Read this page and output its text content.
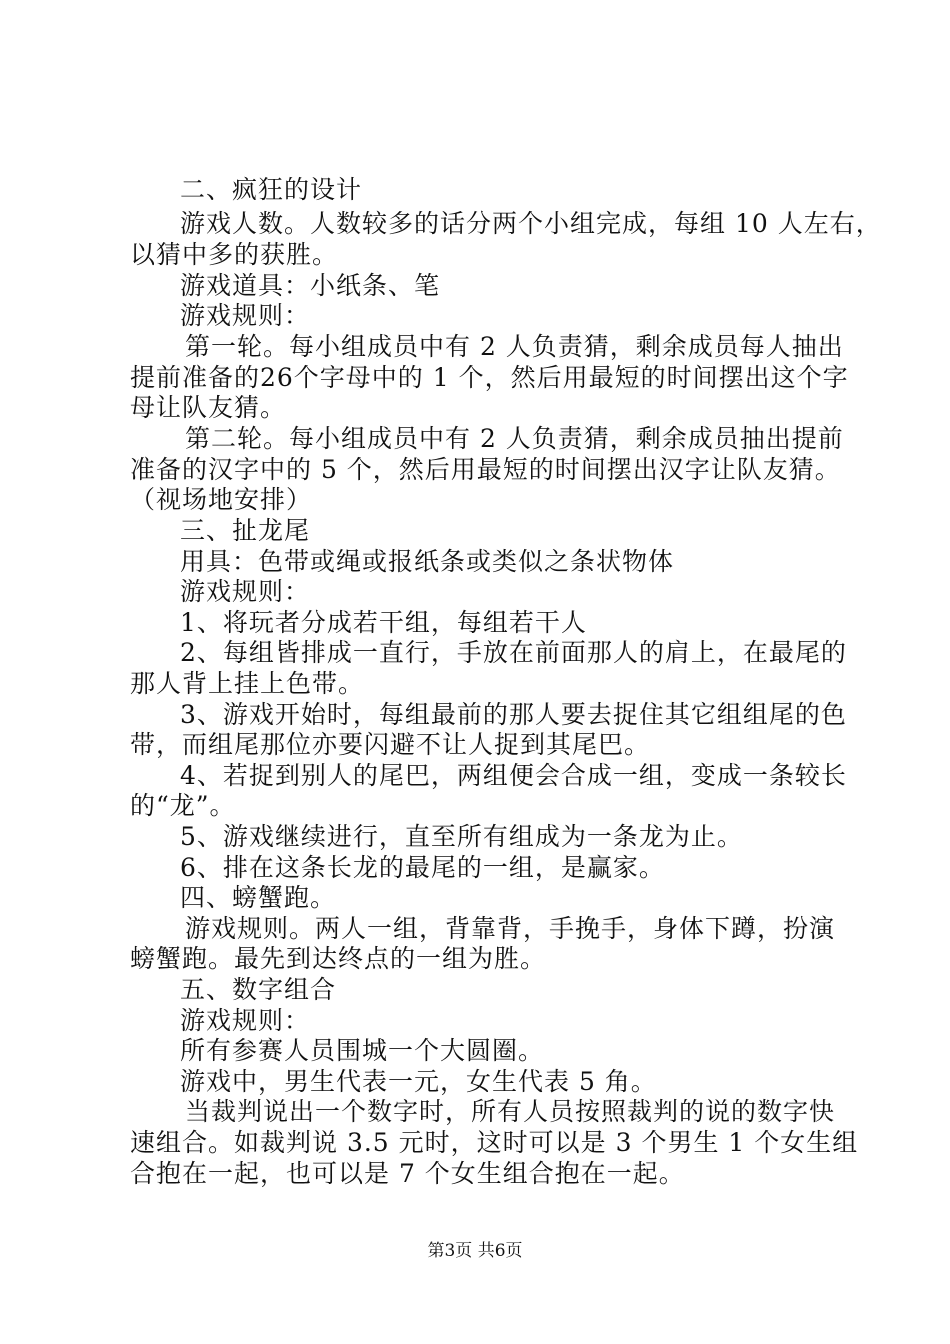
二、疯狂的设计
游戏人数。人数较多的话分两个小组完成，每组 10 人左右，
以猜中多的获胜。
游戏道具：小纸条、笔
游戏规则：
第一轮。每小组成员中有 2 人负责猜，剩余成员每人抽出
提前准备的26个字母中的 1 个，然后用最短的时间摆出这个字
母让队友猜。
第二轮。每小组成员中有 2 人负责猜，剩余成员抽出提前
准备的汉字中的 5 个，然后用最短的时间摆出汉字让队友猜。
（视场地安排）
三、扯龙尾
用具：色带或绳或报纸条或类似之条状物体
游戏规则：
1、将玩者分成若干组，每组若干人
2、每组皆排成一直行，手放在前面那人的肩上，在最尾的
那人背上挂上色带。
3、游戏开始时，每组最前的那人要去捉住其它组组尾的色
带，而组尾那位亦要闪避不让人捉到其尾巴。
4、若捉到别人的尾巴，两组便会合成一组，变成一条较长
的“龙”。
5、游戏继续进行，直至所有组成为一条龙为止。
6、排在这条长龙的最尾的一组，是赢家。
四、螃蟹跑。
游戏规则。两人一组，背靠背，手挽手，身体下蹲，扮演
螃蟹跑。最先到达终点的一组为胜。
五、数字组合
游戏规则：
所有参赛人员围城一个大圆圈。
游戏中，男生代表一元，女生代表 5 角。
当裁判说出一个数字时，所有人员按照裁判的说的数字快
速组合。如裁判说 3.5 元时，这时可以是 3 个男生 1 个女生组
合抱在一起，也可以是 7 个女生组合抱在一起。
第3页 共6页
